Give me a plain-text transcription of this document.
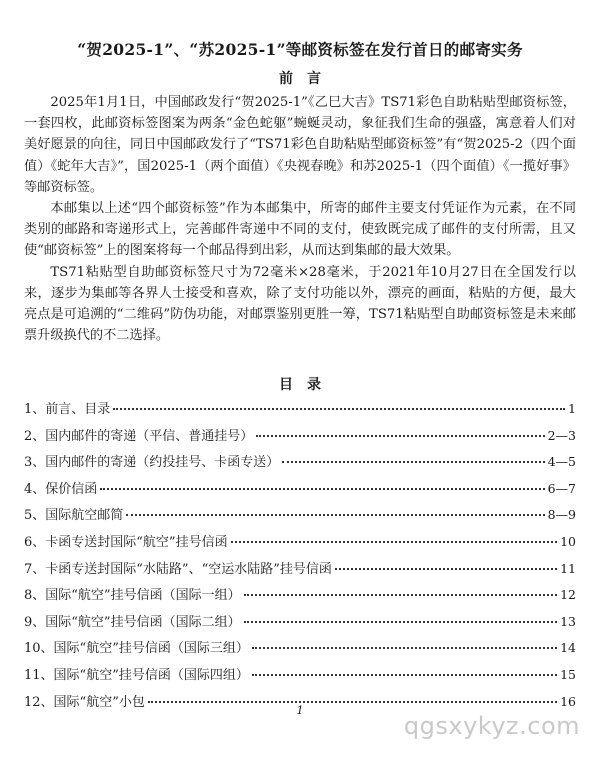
“贺2025-1”、“苏2025-1”等邮资标签在发行首日的邮寄实务
前言

2025年1月1日，中国邮政发行“贺2025-1”《乙巳大吉》TS71彩色自助粘贴型邮资标签，一套四枚，此邮资标签图案为两条“金色蛇躯”蜿蜒灵动，象征我们生命的强盛，寓意着人们对美好愿景的向往，同日中国邮政发行了“TS71彩色自助粘贴型邮资标签”有“贺2025-2（四个面值）《蛇年大吉》”，国2025-1（两个面值）《央视春晚》和苏2025-1（四个面值）《一揽好事》等邮资标签。

本邮集以上述“四个邮资标签”作为本邮集中，所寄的邮件主要支付凭证作为元素，在不同类别的邮路和寄递形式上，完善邮件寄递中不同的支付，使致既完成了邮件的支付所需，且又使“邮资标签”上的图案将每一个邮品得到出彩，从而达到集邮的最大效果。

TS71粘贴型自助邮资标签尺寸为72毫米×28毫米，于2021年10月27日在全国发行以来，逐步为集邮等各界人士接受和喜欢，除了支付功能以外，漂亮的画面，粘贴的方便，最大亮点是可追溯的“二维码”防伪功能，对邮票鉴别更胜一筹，TS71粘贴型自助邮资标签是未来邮票升级换代的不二选择。

目录
1、前言、目录	1
2、国内邮件的寄递（平信、普通挂号）	2—3
3、国内邮件的寄递（约投挂号、卡函专送）	4—5
4、保价信函	6—7
5、国际航空邮简	8—9
6、卡函专送封国际“航空”挂号信函	10
7、卡函专送封国际“水陆路”、“空运水陆路”挂号信函	11
8、国际“航空”挂号信函（国际一组）	12
9、国际“航空”挂号信函（国际二组）	13
10、国际“航空”挂号信函（国际三组）	14
11、国际“航空”挂号信函（国际四组）	15
12、国际“航空”小包	16
1
qgsxykyz.com
